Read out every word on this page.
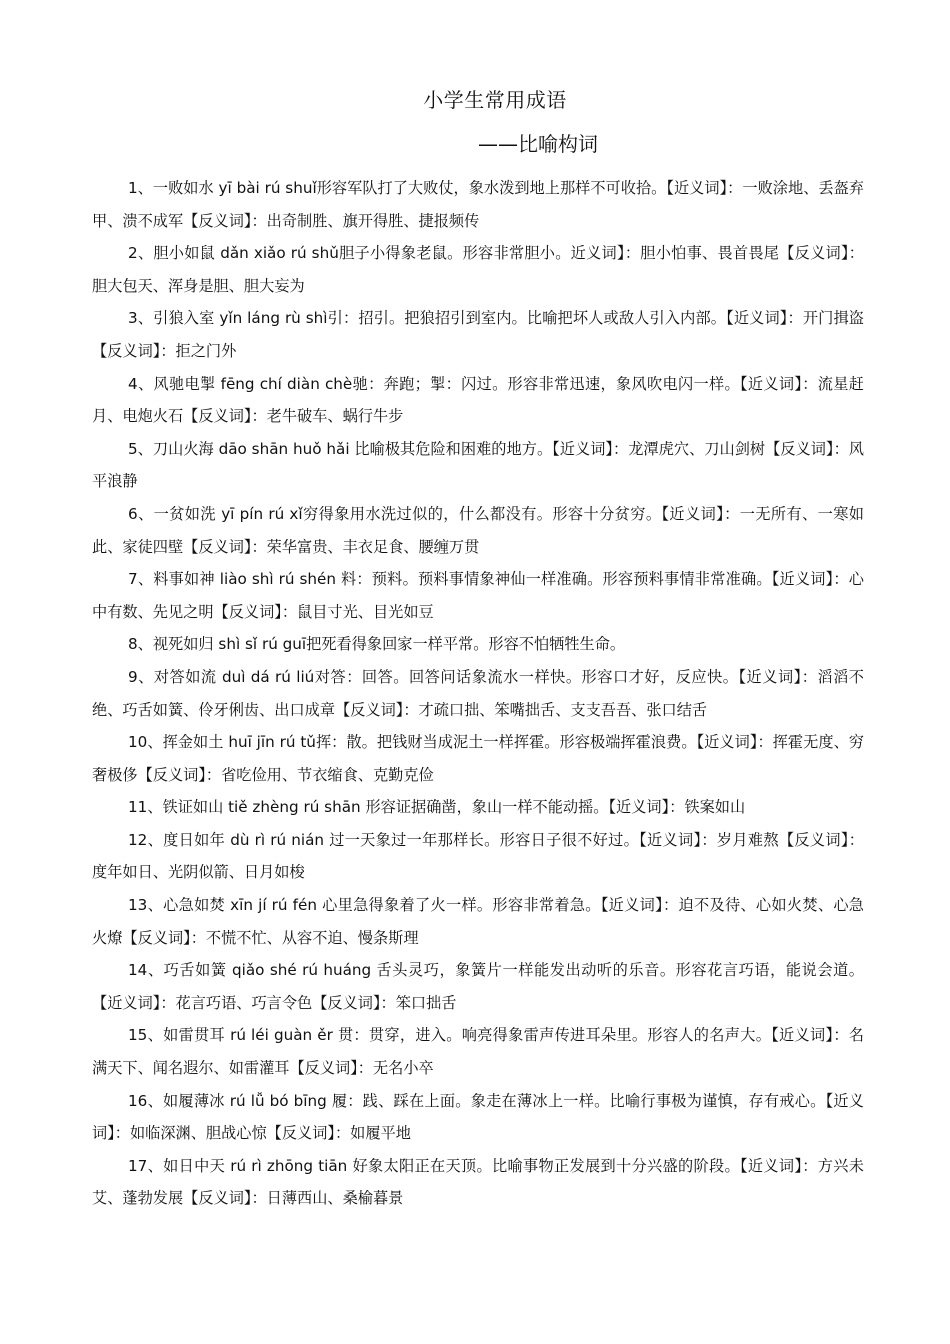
小学生常用成语
——比喻构词

1、一败如水 yī bài rú shuǐ形容军队打了大败仗，象水泼到地上那样不可收拾。【近义词】：一败涂地、丢盔弃甲、溃不成军【反义词】：出奇制胜、旗开得胜、捷报频传

2、胆小如鼠 dǎn xiǎo rú shǔ胆子小得象老鼠。形容非常胆小。近义词】：胆小怕事、畏首畏尾【反义词】：胆大包天、浑身是胆、胆大妄为

3、引狼入室 yǐn láng rù shì引：招引。把狼招引到室内。比喻把坏人或敌人引入内部。【近义词】：开门揖盗【反义词】：拒之门外

4、风驰电掣 fēng chí diàn chè驰：奔跑；掣：闪过。形容非常迅速，象风吹电闪一样。【近义词】：流星赶月、电炮火石【反义词】：老牛破车、蜗行牛步

5、刀山火海 dāo shān huǒ hǎi 比喻极其危险和困难的地方。【近义词】：龙潭虎穴、刀山剑树【反义词】：风平浪静

6、一贫如洗 yī pín rú xǐ穷得象用水洗过似的，什么都没有。形容十分贫穷。【近义词】：一无所有、一寒如此、家徒四壁【反义词】：荣华富贵、丰衣足食、腰缠万贯

7、料事如神 liào shì rú shén 料：预料。预料事情象神仙一样准确。形容预料事情非常准确。【近义词】：心中有数、先见之明【反义词】：鼠目寸光、目光如豆

8、视死如归 shì sǐ rú guī把死看得象回家一样平常。形容不怕牺牲生命。

9、对答如流 duì dá rú liú对答：回答。回答问话象流水一样快。形容口才好，反应快。【近义词】：滔滔不绝、巧舌如簧、伶牙俐齿、出口成章【反义词】：才疏口拙、笨嘴拙舌、支支吾吾、张口结舌

10、挥金如土 huī jīn rú tǔ挥：散。把钱财当成泥土一样挥霍。形容极端挥霍浪费。【近义词】：挥霍无度、穷奢极侈【反义词】：省吃俭用、节衣缩食、克勤克俭

11、铁证如山 tiě zhèng rú shān 形容证据确凿，象山一样不能动摇。【近义词】：铁案如山

12、度日如年 dù rì rú nián 过一天象过一年那样长。形容日子很不好过。【近义词】：岁月难熬【反义词】：度年如日、光阴似箭、日月如梭

13、心急如焚 xīn jí rú fén 心里急得象着了火一样。形容非常着急。【近义词】：迫不及待、心如火焚、心急火燎【反义词】：不慌不忙、从容不迫、慢条斯理

14、巧舌如簧 qiǎo shé rú huáng 舌头灵巧，象簧片一样能发出动听的乐音。形容花言巧语，能说会道。【近义词】：花言巧语、巧言令色【反义词】：笨口拙舌

15、如雷贯耳 rú léi guàn ěr 贯：贯穿，进入。响亮得象雷声传进耳朵里。形容人的名声大。【近义词】：名满天下、闻名遐尔、如雷灌耳【反义词】：无名小卒

16、如履薄冰 rú lǚ bó bīng 履：践、踩在上面。象走在薄冰上一样。比喻行事极为谨慎，存有戒心。【近义词】：如临深渊、胆战心惊【反义词】：如履平地

17、如日中天 rú rì zhōng tiān 好象太阳正在天顶。比喻事物正发展到十分兴盛的阶段。【近义词】：方兴未艾、蓬勃发展【反义词】：日薄西山、桑榆暮景
